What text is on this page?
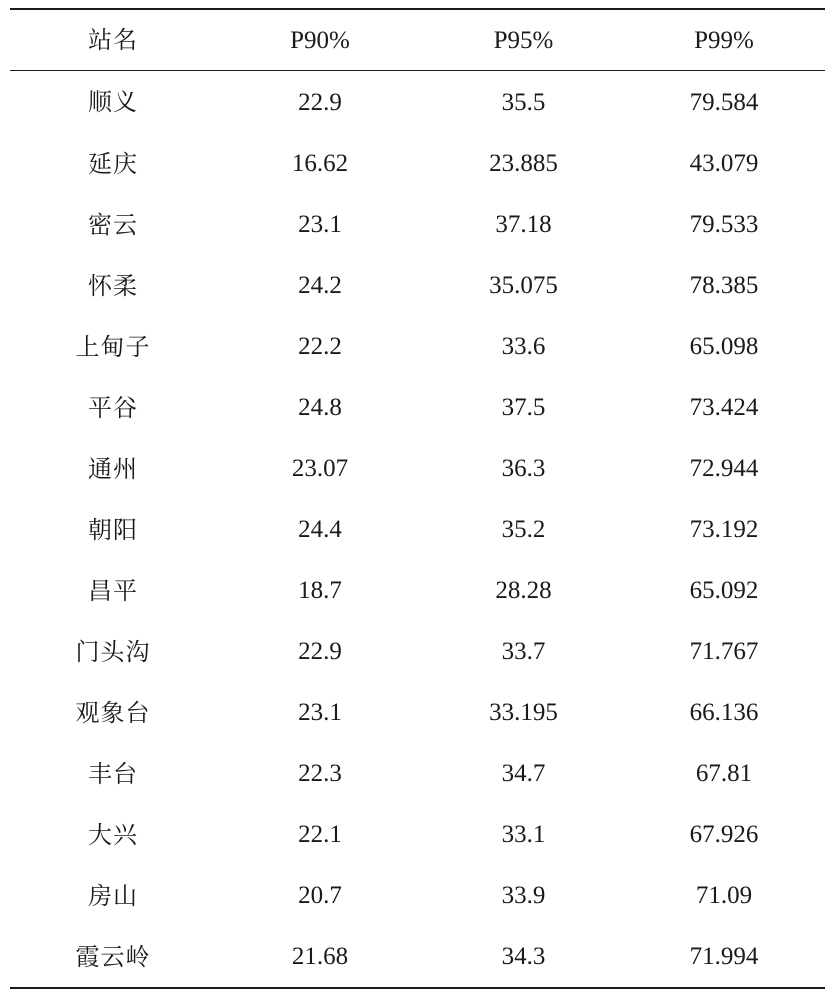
站名	P90%	P95%	P99%
顺义	22.9	35.5	79.584
延庆	16.62	23.885	43.079
密云	23.1	37.18	79.533
怀柔	24.2	35.075	78.385
上甸子	22.2	33.6	65.098
平谷	24.8	37.5	73.424
通州	23.07	36.3	72.944
朝阳	24.4	35.2	73.192
昌平	18.7	28.28	65.092
门头沟	22.9	33.7	71.767
观象台	23.1	33.195	66.136
丰台	22.3	34.7	67.81
大兴	22.1	33.1	67.926
房山	20.7	33.9	71.09
霞云岭	21.68	34.3	71.994
